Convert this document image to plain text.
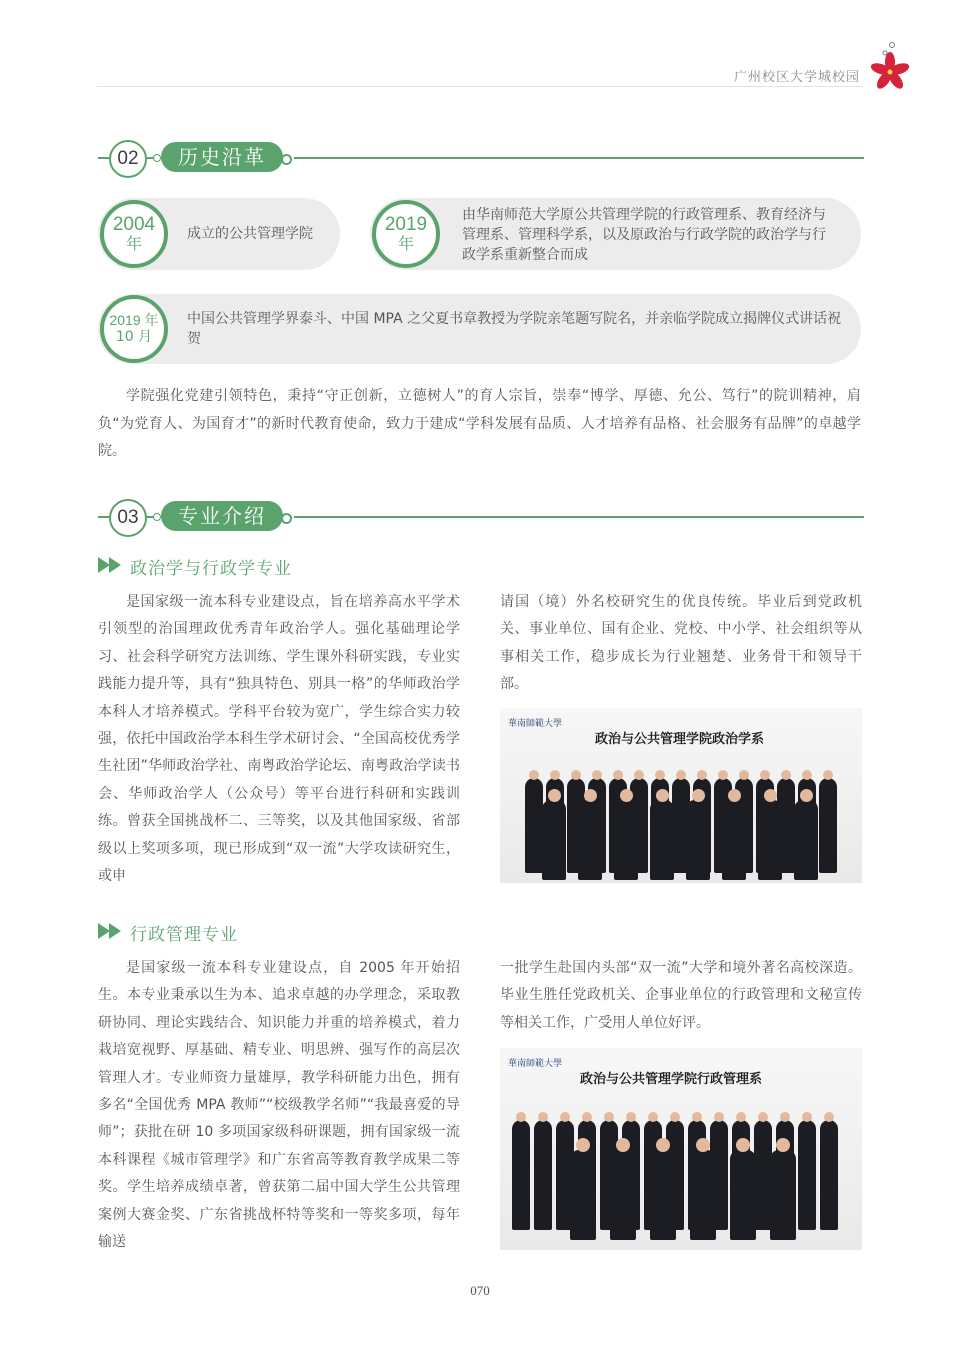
广州校区大学城校园
02	历史沿革
2004
年	成立的公共管理学院	2019
年
由华南师范大学原公共管理学院的行政管理系、教育经济与管理系、管理科学系，以及原政治与行政学院的政治学与行政学系重新整合而成
2019 年
10 月
中国公共管理学界泰斗、中国 MPA 之父夏书章教授为学院亲笔题写院名，并亲临学院成立揭牌仪式讲话祝贺
学院强化党建引领特色，秉持“守正创新，立德树人”的育人宗旨，崇奉“博学、厚德、允公、笃行”的院训精神，肩负“为党育人、为国育才”的新时代教育使命，致力于建成“学科发展有品质、人才培养有品格、社会服务有品牌”的卓越学院。
03	专业介绍
政治学与行政学专业
是国家级一流本科专业建设点，旨在培养高水平学术引领型的治国理政优秀青年政治学人。强化基础理论学习、社会科学研究方法训练、学生课外科研实践，专业实践能力提升等，具有“独具特色、别具一格”的华师政治学本科人才培养模式。学科平台较为宽广，学生综合实力较强，依托中国政治学本科生学术研讨会、“全国高校优秀学生社团”华师政治学社、南粤政治学论坛、南粤政治学读书会、华师政治学人（公众号）等平台进行科研和实践训练。曾获全国挑战杯二、三等奖，以及其他国家级、省部级以上奖项多项，现已形成到“双一流”大学攻读研究生，或申
请国（境）外名校研究生的优良传统。毕业后到党政机关、事业单位、国有企业、党校、中小学、社会组织等从事相关工作，稳步成长为行业翘楚、业务骨干和领导干部。
華南師範大學
政治与公共管理学院政治学系
行政管理专业
是国家级一流本科专业建设点，自 2005 年开始招生。本专业秉承以生为本、追求卓越的办学理念，采取教研协同、理论实践结合、知识能力并重的培养模式，着力栽培宽视野、厚基础、精专业、明思辨、强写作的高层次管理人才。专业师资力量雄厚，教学科研能力出色，拥有多名“全国优秀 MPA 教师”“校级教学名师”“我最喜爱的导师”；获批在研 10 多项国家级科研课题，拥有国家级一流本科课程《城市管理学》和广东省高等教育教学成果二等奖。学生培养成绩卓著，曾获第二届中国大学生公共管理案例大赛金奖、广东省挑战杯特等奖和一等奖多项，每年输送
一批学生赴国内头部“双一流”大学和境外著名高校深造。毕业生胜任党政机关、企事业单位的行政管理和文秘宣传等相关工作，广受用人单位好评。
華南師範大學
政治与公共管理学院行政管理系
070
